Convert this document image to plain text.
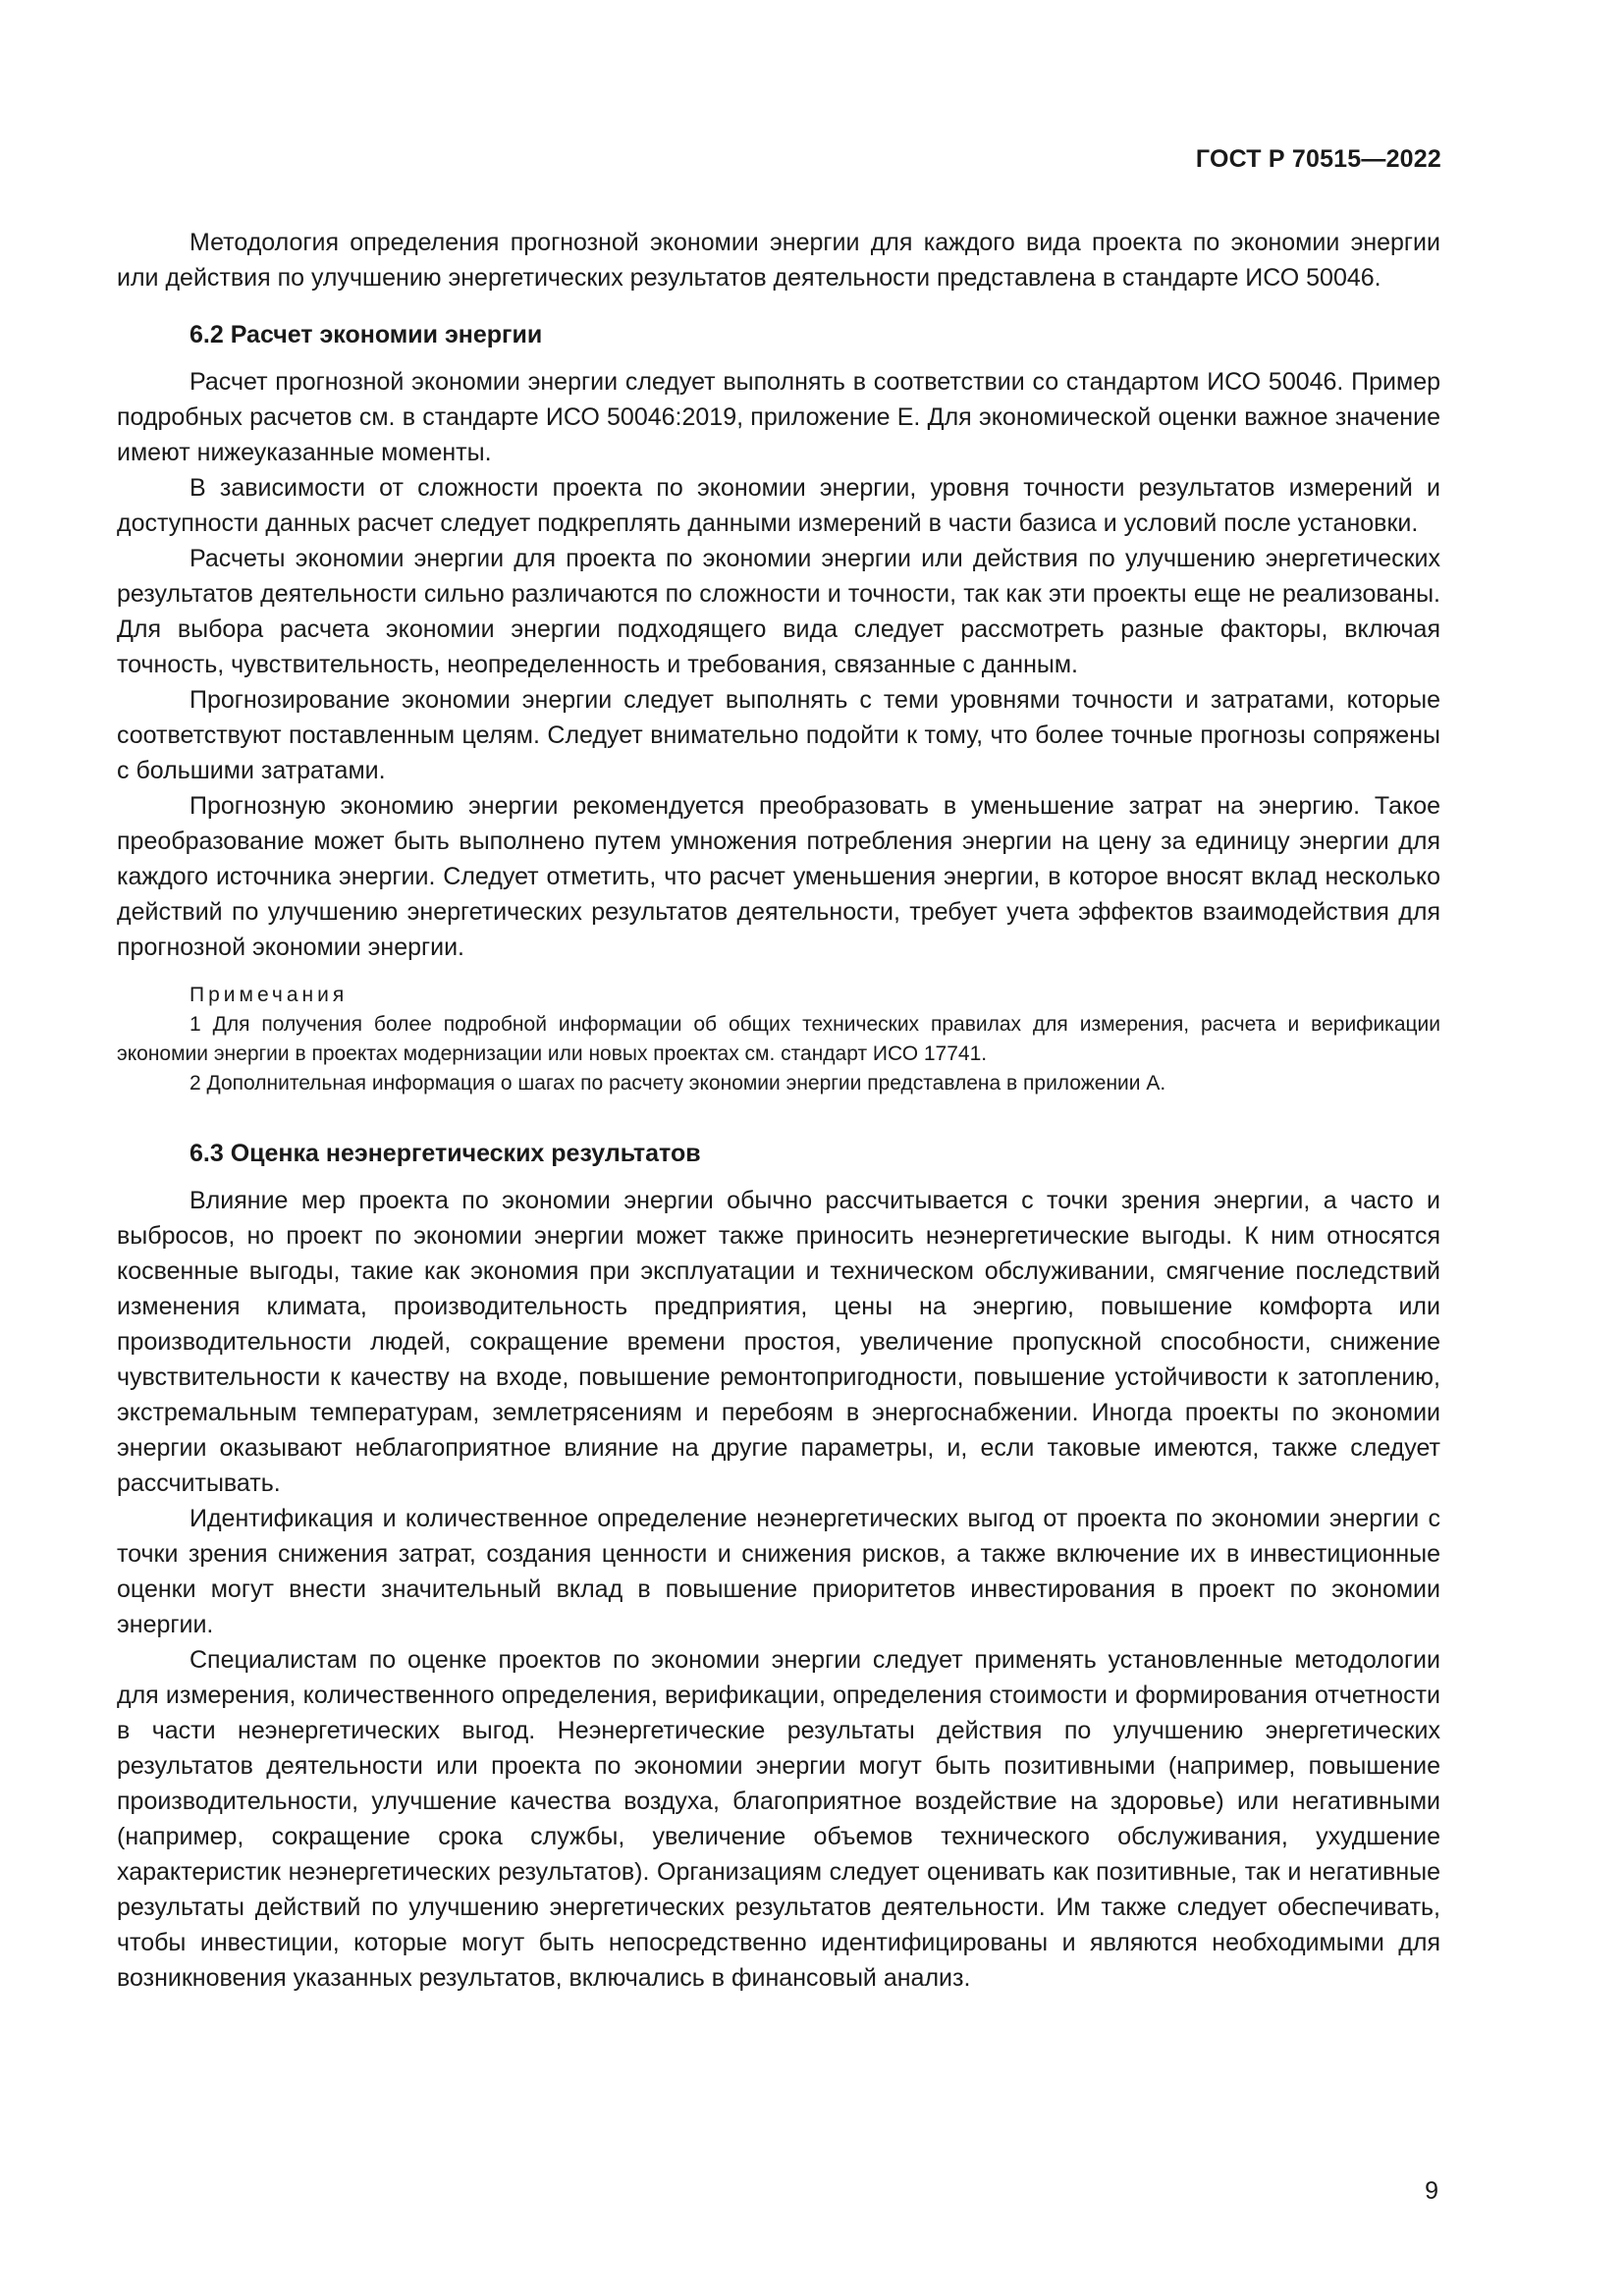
ГОСТ Р 70515—2022

Методология определения прогнозной экономии энергии для каждого вида проекта по экономии энергии или действия по улучшению энергетических результатов деятельности представлена в стандарте ИСО 50046.

6.2 Расчет экономии энергии

Расчет прогнозной экономии энергии следует выполнять в соответствии со стандартом ИСО 50046. Пример подробных расчетов см. в стандарте ИСО 50046:2019, приложение Е. Для экономической оценки важное значение имеют нижеуказанные моменты.

В зависимости от сложности проекта по экономии энергии, уровня точности результатов измерений и доступности данных расчет следует подкреплять данными измерений в части базиса и условий после установки.

Расчеты экономии энергии для проекта по экономии энергии или действия по улучшению энергетических результатов деятельности сильно различаются по сложности и точности, так как эти проекты еще не реализованы. Для выбора расчета экономии энергии подходящего вида следует рассмотреть разные факторы, включая точность, чувствительность, неопределенность и требования, связанные с данным.

Прогнозирование экономии энергии следует выполнять с теми уровнями точности и затратами, которые соответствуют поставленным целям. Следует внимательно подойти к тому, что более точные прогнозы сопряжены с большими затратами.

Прогнозную экономию энергии рекомендуется преобразовать в уменьшение затрат на энергию. Такое преобразование может быть выполнено путем умножения потребления энергии на цену за единицу энергии для каждого источника энергии. Следует отметить, что расчет уменьшения энергии, в которое вносят вклад несколько действий по улучшению энергетических результатов деятельности, требует учета эффектов взаимодействия для прогнозной экономии энергии.

Примечания

1 Для получения более подробной информации об общих технических правилах для измерения, расчета и верификации экономии энергии в проектах модернизации или новых проектах см. стандарт ИСО 17741.

2 Дополнительная информация о шагах по расчету экономии энергии представлена в приложении А.

6.3 Оценка неэнергетических результатов

Влияние мер проекта по экономии энергии обычно рассчитывается с точки зрения энергии, а часто и выбросов, но проект по экономии энергии может также приносить неэнергетические выгоды. К ним относятся косвенные выгоды, такие как экономия при эксплуатации и техническом обслуживании, смягчение последствий изменения климата, производительность предприятия, цены на энергию, повышение комфорта или производительности людей, сокращение времени простоя, увеличение пропускной способности, снижение чувствительности к качеству на входе, повышение ремонтопригодности, повышение устойчивости к затоплению, экстремальным температурам, землетрясениям и перебоям в энергоснабжении. Иногда проекты по экономии энергии оказывают неблагоприятное влияние на другие параметры, и, если таковые имеются, также следует рассчитывать.

Идентификация и количественное определение неэнергетических выгод от проекта по экономии энергии с точки зрения снижения затрат, создания ценности и снижения рисков, а также включение их в инвестиционные оценки могут внести значительный вклад в повышение приоритетов инвестирования в проект по экономии энергии.

Специалистам по оценке проектов по экономии энергии следует применять установленные методологии для измерения, количественного определения, верификации, определения стоимости и формирования отчетности в части неэнергетических выгод. Неэнергетические результаты действия по улучшению энергетических результатов деятельности или проекта по экономии энергии могут быть позитивными (например, повышение производительности, улучшение качества воздуха, благоприятное воздействие на здоровье) или негативными (например, сокращение срока службы, увеличение объемов технического обслуживания, ухудшение характеристик неэнергетических результатов). Организациям следует оценивать как позитивные, так и негативные результаты действий по улучшению энергетических результатов деятельности. Им также следует обеспечивать, чтобы инвестиции, которые могут быть непосредственно идентифицированы и являются необходимыми для возникновения указанных результатов, включались в финансовый анализ.

9
